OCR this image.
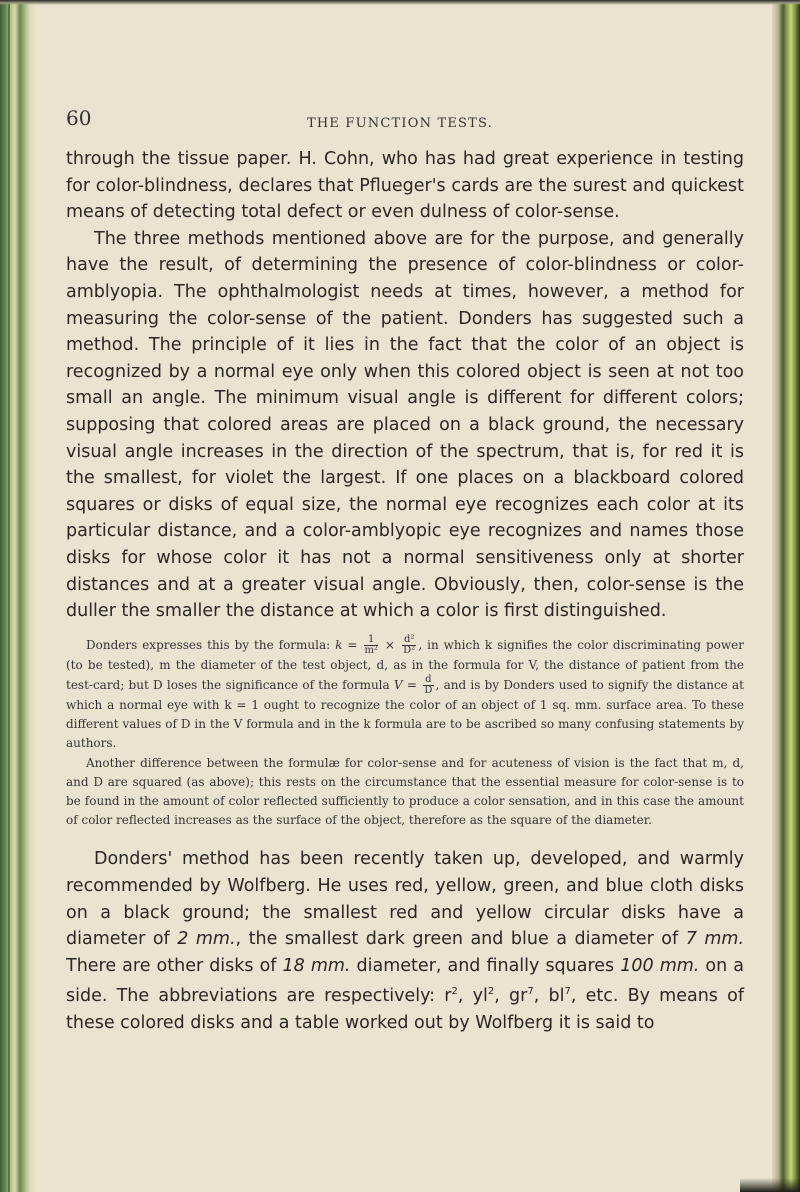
60	THE FUNCTION TESTS.

through the tissue paper. H. Cohn, who has had great experience in testing for color-blindness, declares that Pflueger's cards are the surest and quickest means of detecting total defect or even dulness of color-sense.

The three methods mentioned above are for the purpose, and generally have the result, of determining the presence of color-blindness or color-amblyopia. The ophthalmologist needs at times, however, a method for measuring the color-sense of the patient. Donders has suggested such a method. The principle of it lies in the fact that the color of an object is recognized by a normal eye only when this colored object is seen at not too small an angle. The minimum visual angle is different for different colors; supposing that colored areas are placed on a black ground, the necessary visual angle increases in the direction of the spectrum, that is, for red it is the smallest, for violet the largest. If one places on a blackboard colored squares or disks of equal size, the normal eye recognizes each color at its particular distance, and a color-amblyopic eye recognizes and names those disks for whose color it has not a normal sensitiveness only at shorter distances and at a greater visual angle. Obviously, then, color-sense is the duller the smaller the distance at which a color is first distinguished.

Donders expresses this by the formula: $k = \frac{1}{\text{m²}} \times \frac{\text{d²}}{\text{D²}}$ , in which k signifies the color discriminating power (to be tested), m the diameter of the test object, d, as in the formula for V, the distance of patient from the test-card; but D loses the significance of the formula $V = \frac{d}{D}$ , and is by Donders used to signify the distance at which a normal eye with k = 1 ought to recognize the color of an object of 1 sq. mm. surface area. To these different values of D in the V formula and in the k formula are to be ascribed so many confusing statements by authors.

Another difference between the formulæ for color-sense and for acuteness of vision is the fact that m, d, and D are squared (as above); this rests on the circumstance that the essential measure for color-sense is to be found in the amount of color reflected sufficiently to produce a color sensation, and in this case the amount of color reflected increases as the surface of the object, therefore as the square of the diameter.

Donders' method has been recently taken up, developed, and warmly recommended by Wolfberg. He uses red, yellow, green, and blue cloth disks on a black ground; the smallest red and yellow circular disks have a diameter of 2 mm., the smallest dark green and blue a diameter of 7 mm. There are other disks of 18 mm. diameter, and finally squares 100 mm. on a side. The abbreviations are respectively: $r^2$, $yl^2$, $gr^7$, $bl^7$, etc. By means of these colored disks and a table worked out by Wolfberg it is said to
